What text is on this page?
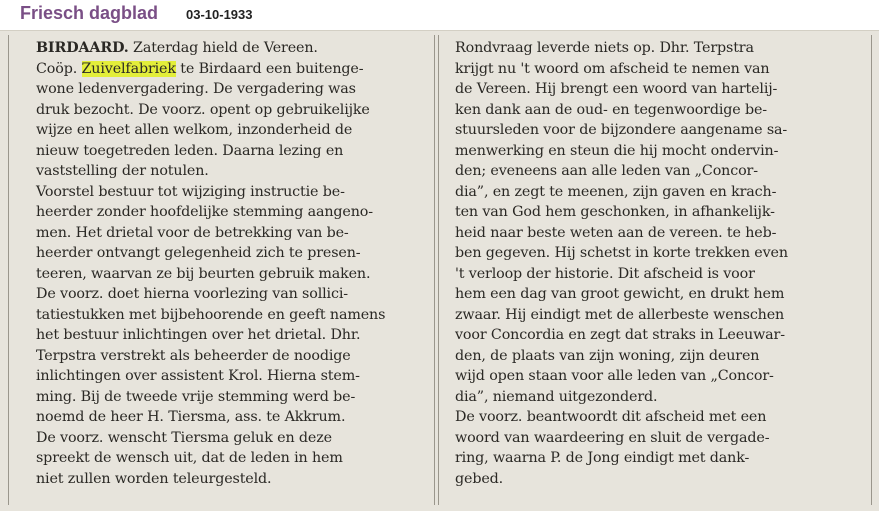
Friesch dagblad 03-10-1933
BIRDAARD. Zaterdag hield de Vereen.
Coöp. Zuivelfabriek te Birdaard een buitenge-
wone ledenvergadering. De vergadering was
druk bezocht. De voorz. opent op gebruikelijke
wijze en heet allen welkom, inzonderheid de
nieuw toegetreden leden. Daarna lezing en
vaststelling der notulen.
Voorstel bestuur tot wijziging instructie be-
heerder zonder hoofdelijke stemming aangeno-
men. Het drietal voor de betrekking van be-
heerder ontvangt gelegenheid zich te presen-
teeren, waarvan ze bij beurten gebruik maken.
De voorz. doet hierna voorlezing van sollici-
tatiestukken met bijbehoorende en geeft namens
het bestuur inlichtingen over het drietal. Dhr.
Terpstra verstrekt als beheerder de noodige
inlichtingen over assistent Krol. Hierna stem-
ming. Bij de tweede vrije stemming werd be-
noemd de heer H. Tiersma, ass. te Akkrum.
De voorz. wenscht Tiersma geluk en deze
spreekt de wensch uit, dat de leden in hem
niet zullen worden teleurgesteld.
Rondvraag leverde niets op. Dhr. Terpstra
krijgt nu 't woord om afscheid te nemen van
de Vereen. Hij brengt een woord van hartelij-
ken dank aan de oud- en tegenwoordige be-
stuursleden voor de bijzondere aangename sa-
menwerking en steun die hij mocht ondervin-
den; eveneens aan alle leden van „Concor-
dia”, en zegt te meenen, zijn gaven en krach-
ten van God hem geschonken, in afhankelijk-
heid naar beste weten aan de vereen. te heb-
ben gegeven. Hij schetst in korte trekken even
't verloop der historie. Dit afscheid is voor
hem een dag van groot gewicht, en drukt hem
zwaar. Hij eindigt met de allerbeste wenschen
voor Concordia en zegt dat straks in Leeuwar-
den, de plaats van zijn woning, zijn deuren
wijd open staan voor alle leden van „Concor-
dia”, niemand uitgezonderd.
De voorz. beantwoordt dit afscheid met een
woord van waardeering en sluit de vergade-
ring, waarna P. de Jong eindigt met dank-
gebed.
